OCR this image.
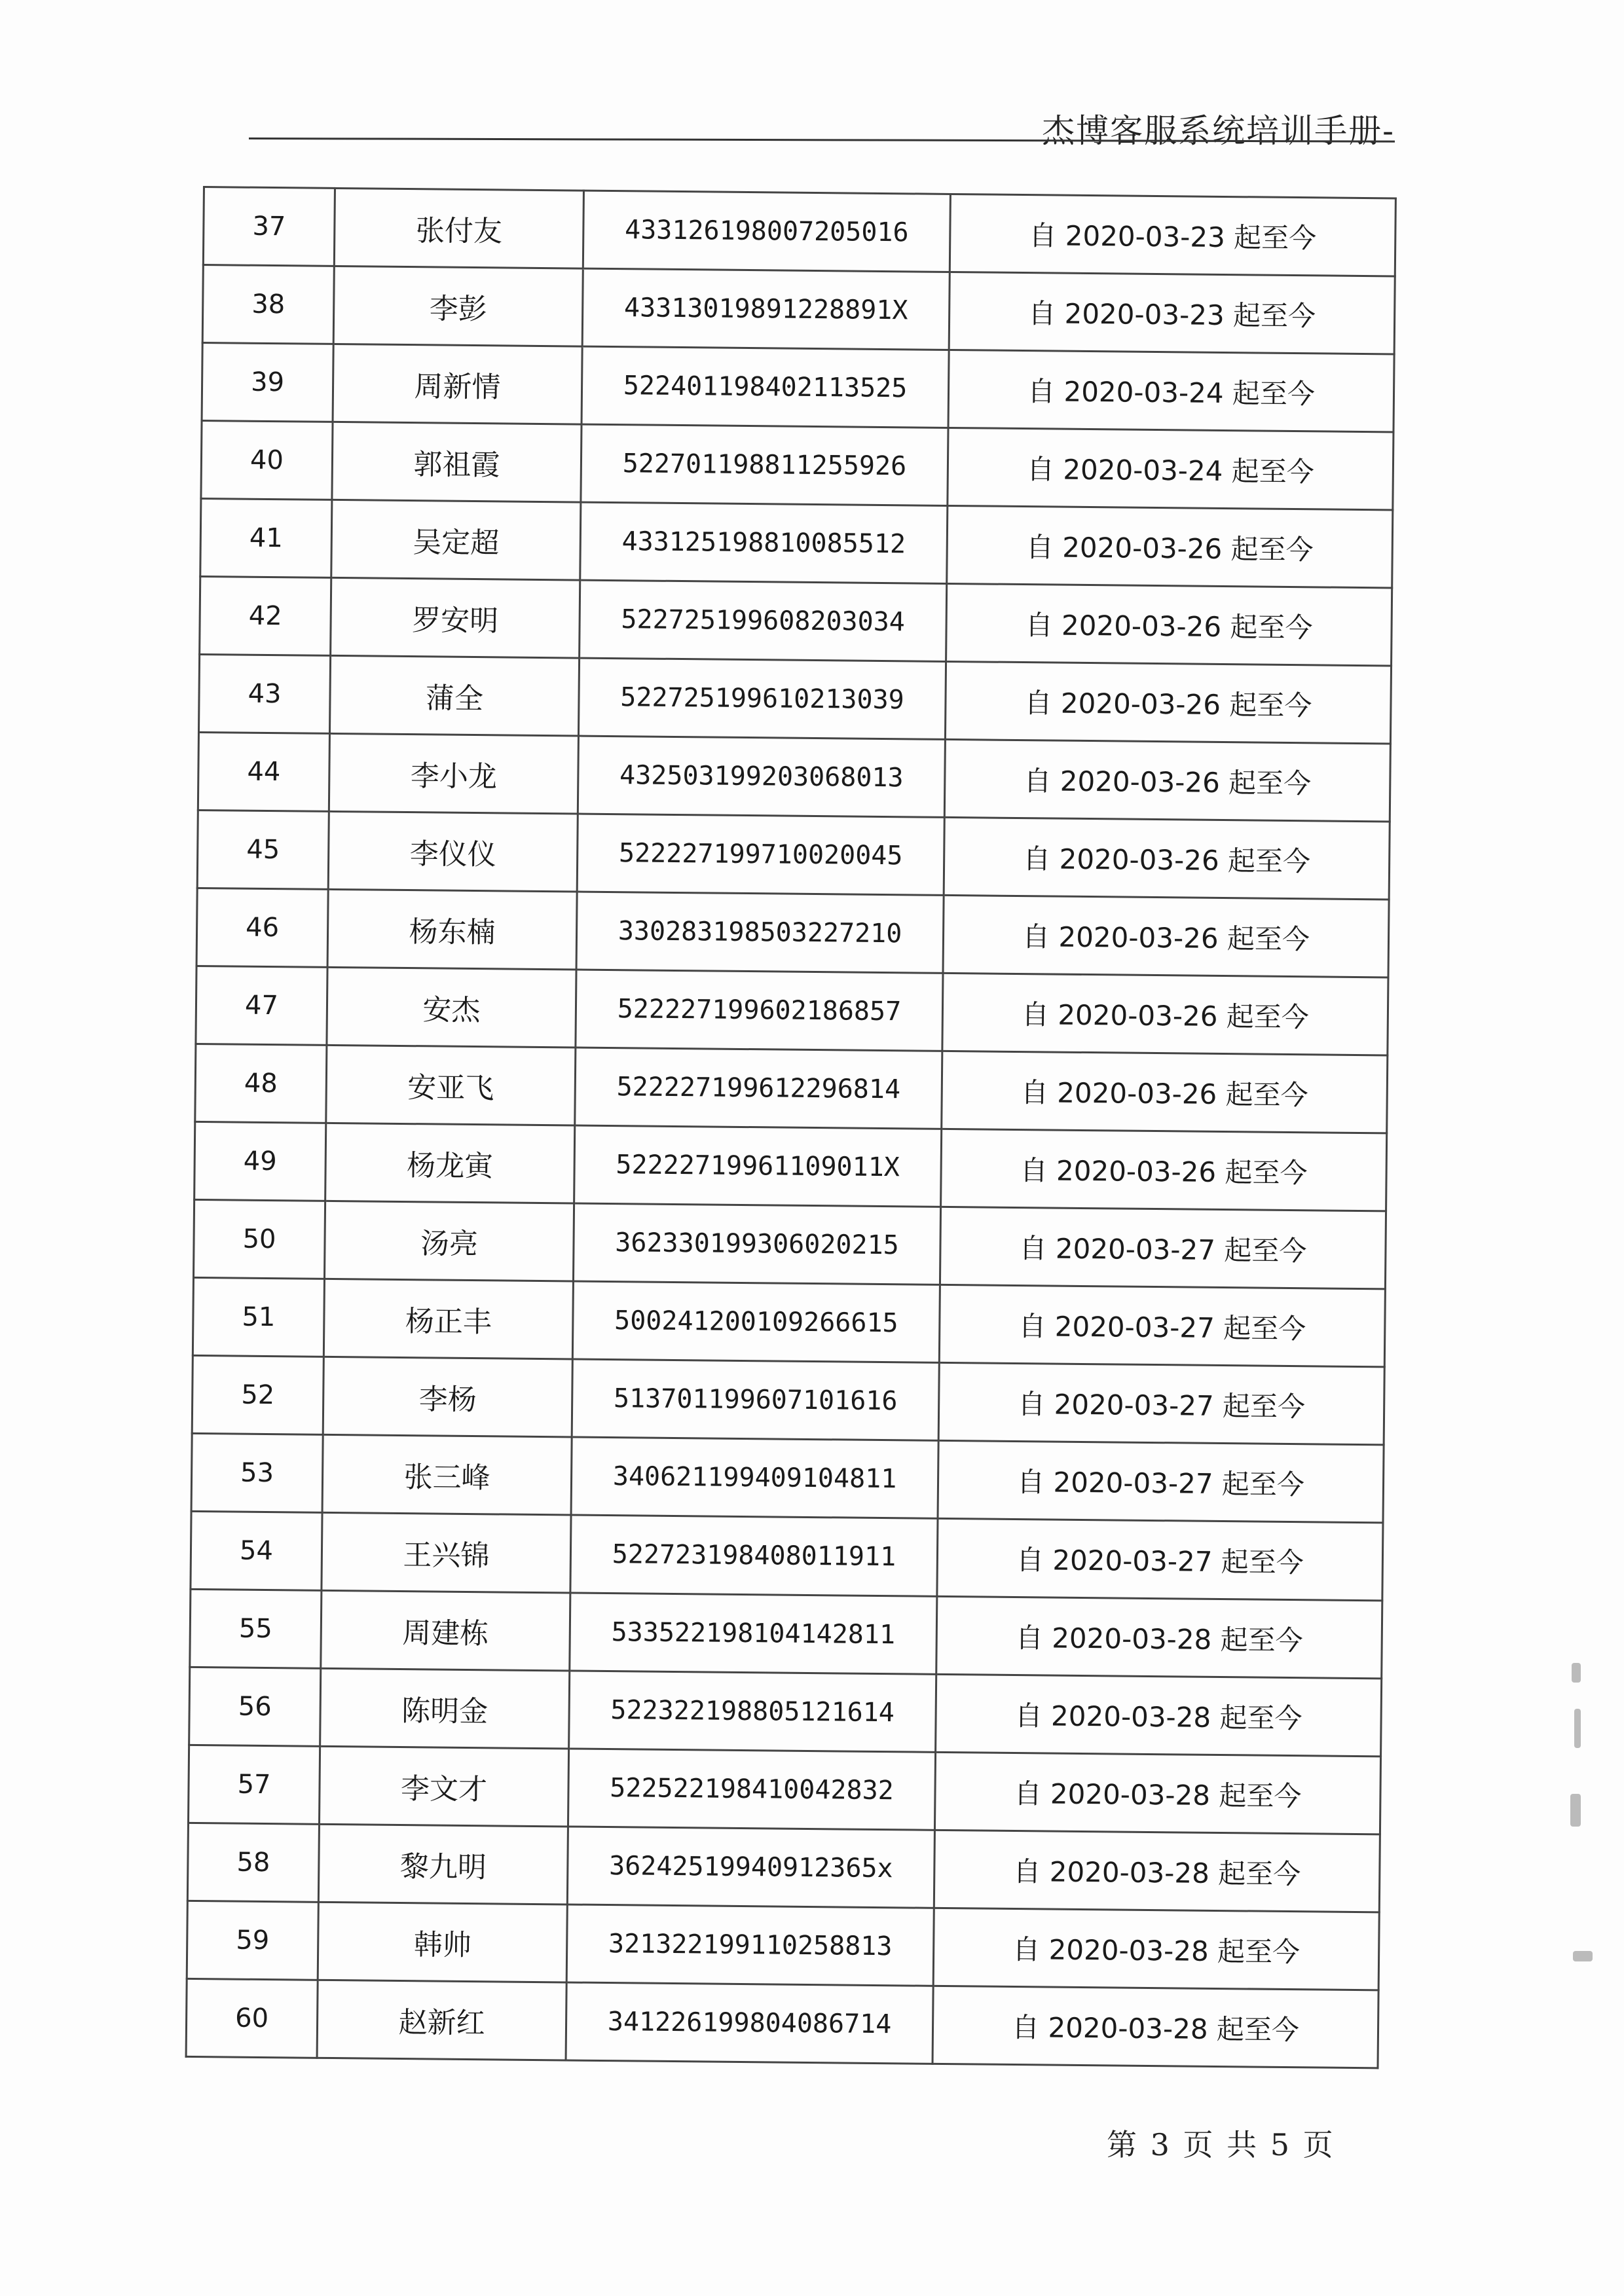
杰博客服系统培训手册-
37	张付友	433126198007205016	自 2020-03-23 起至今
38	李彭	43313019891228891X	自 2020-03-23 起至今
39	周新情	522401198402113525	自 2020-03-24 起至今
40	郭祖霞	522701198811255926	自 2020-03-24 起至今
41	吴定超	433125198810085512	自 2020-03-26 起至今
42	罗安明	522725199608203034	自 2020-03-26 起至今
43	蒲全	522725199610213039	自 2020-03-26 起至今
44	李小龙	432503199203068013	自 2020-03-26 起至今
45	李仪仪	522227199710020045	自 2020-03-26 起至今
46	杨东楠	330283198503227210	自 2020-03-26 起至今
47	安杰	522227199602186857	自 2020-03-26 起至今
48	安亚飞	522227199612296814	自 2020-03-26 起至今
49	杨龙寅	52222719961109011X	自 2020-03-26 起至今
50	汤亮	362330199306020215	自 2020-03-27 起至今
51	杨正丰	500241200109266615	自 2020-03-27 起至今
52	李杨	513701199607101616	自 2020-03-27 起至今
53	张三峰	340621199409104811	自 2020-03-27 起至今
54	王兴锦	522723198408011911	自 2020-03-27 起至今
55	周建栋	533522198104142811	自 2020-03-28 起至今
56	陈明金	522322198805121614	自 2020-03-28 起至今
57	李文才	522522198410042832	自 2020-03-28 起至今
58	黎九明	36242519940912365x	自 2020-03-28 起至今
59	韩帅	321322199110258813	自 2020-03-28 起至今
60	赵新红	341226199804086714	自 2020-03-28 起至今
第 3 页 共 5 页
